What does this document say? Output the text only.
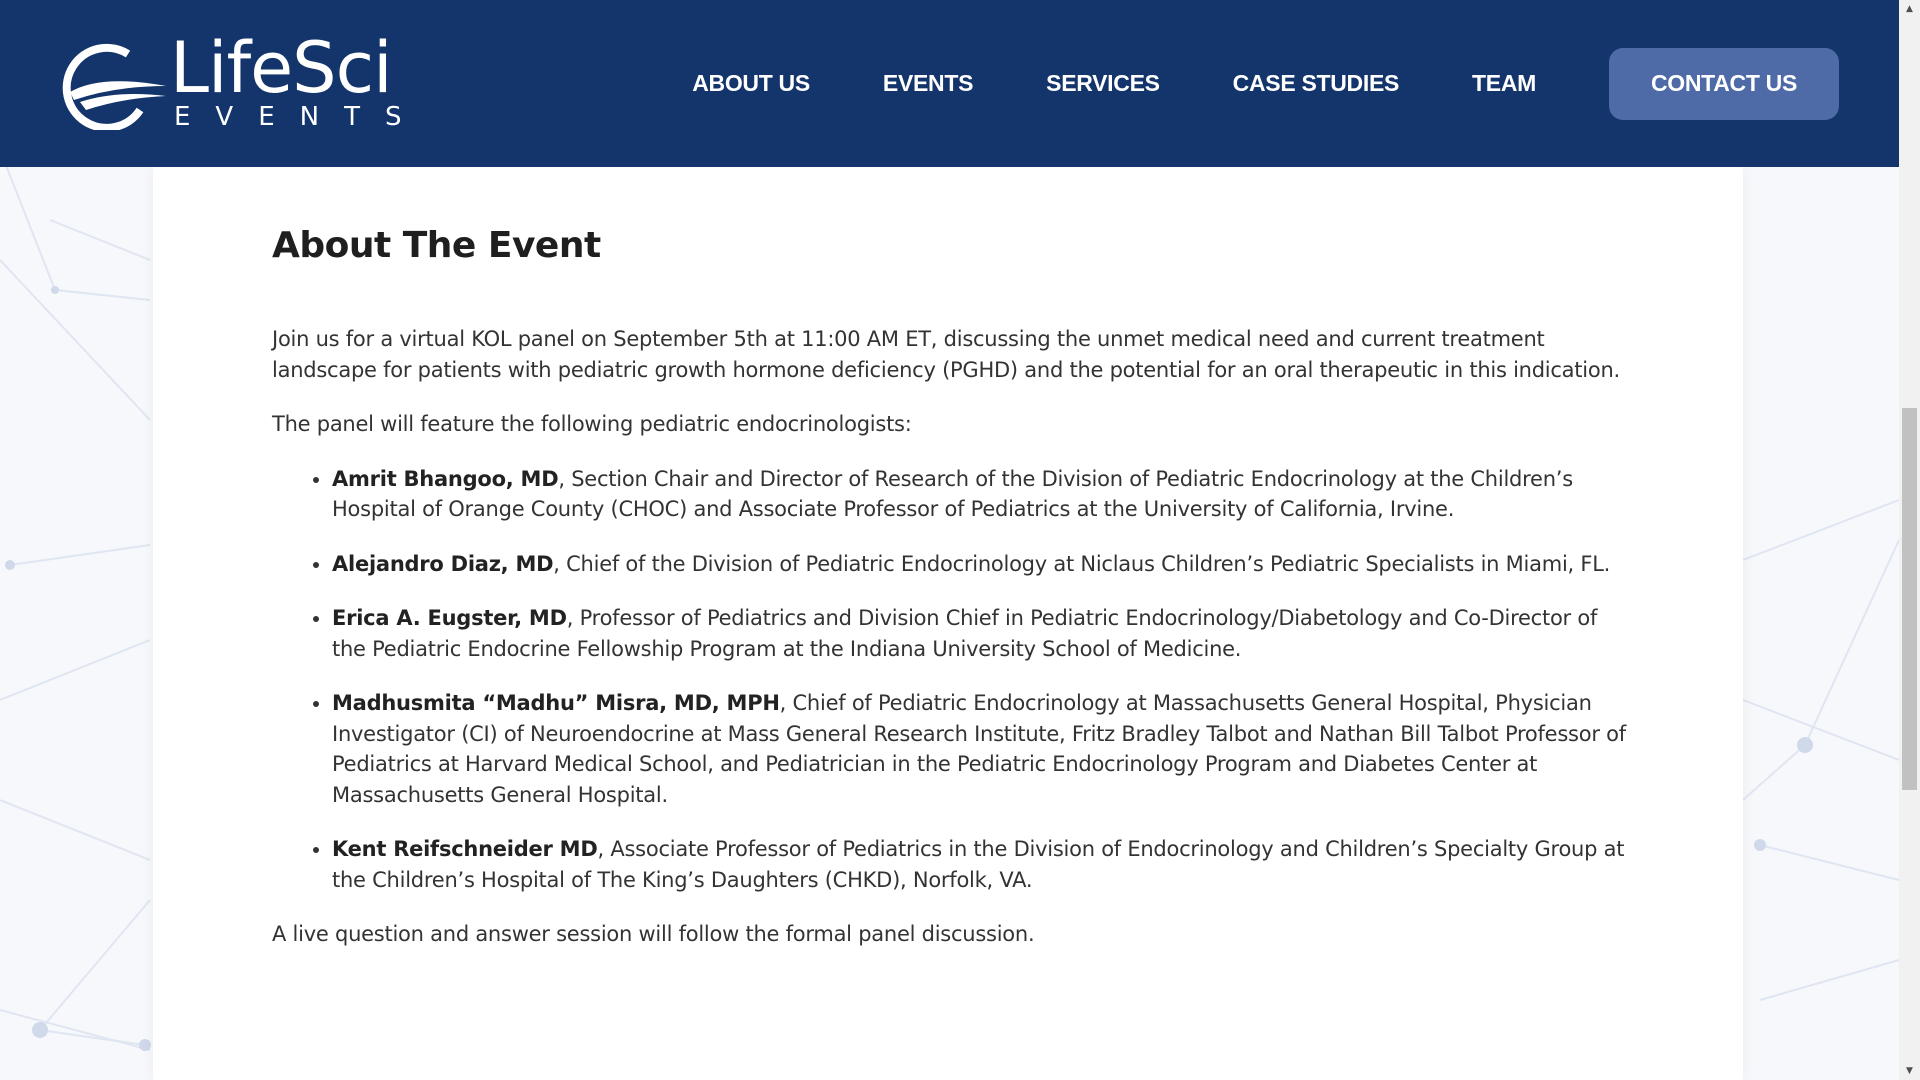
LifeSci
EVENTS
ABOUT US	EVENTS	SERVICES	CASE STUDIES	TEAM	CONTACT US
About The Event

Join us for a virtual KOL panel on September 5th at 11:00 AM ET, discussing the unmet medical need and current treatment landscape for patients with pediatric growth hormone deficiency (PGHD) and the potential for an oral therapeutic in this indication.

The panel will feature the following pediatric endocrinologists:

• Amrit Bhangoo, MD, Section Chair and Director of Research of the Division of Pediatric Endocrinology at the Children’s Hospital of Orange County (CHOC) and Associate Professor of Pediatrics at the University of California, Irvine.
• Alejandro Diaz, MD, Chief of the Division of Pediatric Endocrinology at Niclaus Children’s Pediatric Specialists in Miami, FL.
• Erica A. Eugster, MD, Professor of Pediatrics and Division Chief in Pediatric Endocrinology/Diabetology and Co-Director of the Pediatric Endocrine Fellowship Program at the Indiana University School of Medicine.
• Madhusmita “Madhu” Misra, MD, MPH, Chief of Pediatric Endocrinology at Massachusetts General Hospital, Physician Investigator (CI) of Neuroendocrine at Mass General Research Institute, Fritz Bradley Talbot and Nathan Bill Talbot Professor of Pediatrics at Harvard Medical School, and Pediatrician in the Pediatric Endocrinology Program and Diabetes Center at Massachusetts General Hospital.
• Kent Reifschneider MD, Associate Professor of Pediatrics in the Division of Endocrinology and Children’s Specialty Group at the Children’s Hospital of The King’s Daughters (CHKD), Norfolk, VA.

A live question and answer session will follow the formal panel discussion.

▲
▼
